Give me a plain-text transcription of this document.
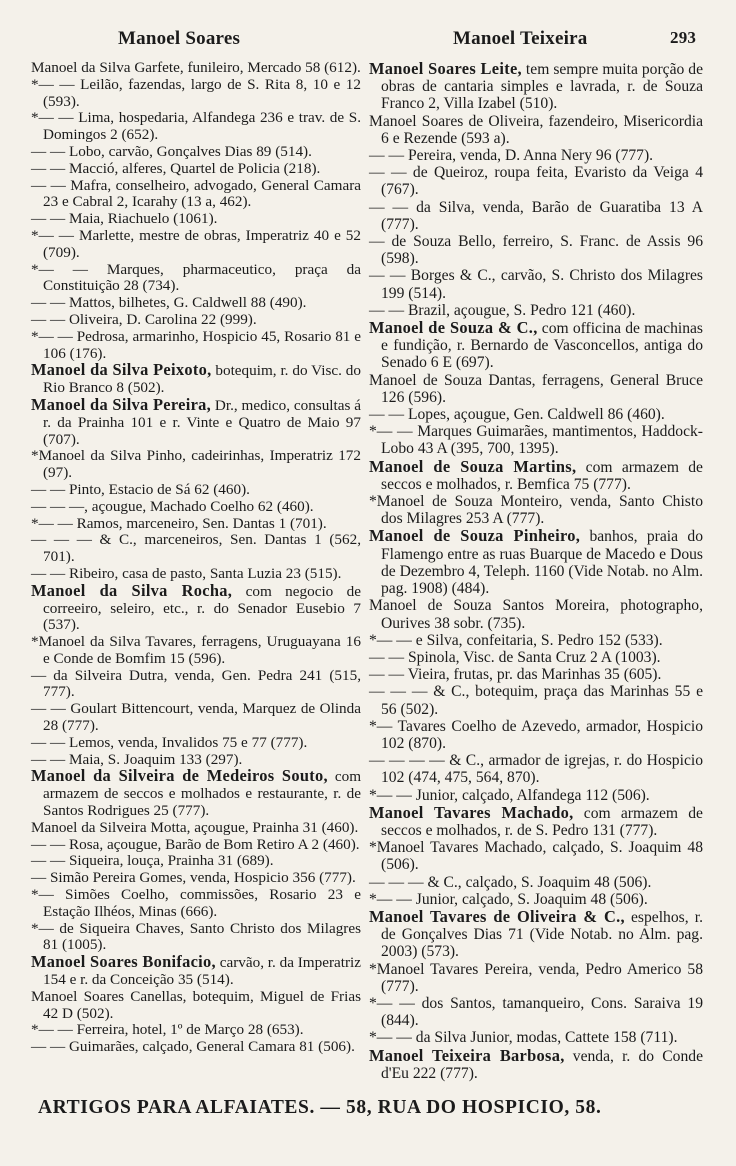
Manoel Soares	Manoel Teixeira	293

Manoel da Silva Garfete, funileiro, Mercado 58 (612).

*— — Leilão, fazendas, largo de S. Rita 8, 10 e 12 (593).

*— — Lima, hospedaria, Alfandega 236 e trav. de S. Domingos 2 (652).

— — Lobo, carvão, Gonçalves Dias 89 (514).

— — Macció, alferes, Quartel de Policia (218).

— — Mafra, conselheiro, advogado, General Camara 23 e Cabral 2, Icarahy (13 a, 462).

— — Maia, Riachuelo (1061).

*— — Marlette, mestre de obras, Imperatriz 40 e 52 (709).

*— — Marques, pharmaceutico, praça da Constituição 28 (734).

— — Mattos, bilhetes, G. Caldwell 88 (490).

— — Oliveira, D. Carolina 22 (999).

*— — Pedrosa, armarinho, Hospicio 45, Rosario 81 e 106 (176).

Manoel da Silva Peixoto, botequim, r. do Visc. do Rio Branco 8 (502).

Manoel da Silva Pereira, Dr., medico, consultas á r. da Prainha 101 e r. Vinte e Quatro de Maio 97 (707).

*Manoel da Silva Pinho, cadeirinhas, Imperatriz 172 (97).

— — Pinto, Estacio de Sá 62 (460).

— — —, açougue, Machado Coelho 62 (460).

*— — Ramos, marceneiro, Sen. Dantas 1 (701).

— — — & C., marceneiros, Sen. Dantas 1 (562, 701).

— — Ribeiro, casa de pasto, Santa Luzia 23 (515).

Manoel da Silva Rocha, com negocio de correeiro, seleiro, etc., r. do Senador Eusebio 7 (537).

*Manoel da Silva Tavares, ferragens, Uruguayana 16 e Conde de Bomfim 15 (596).

— da Silveira Dutra, venda, Gen. Pedra 241 (515, 777).

— — Goulart Bittencourt, venda, Marquez de Olinda 28 (777).

— — Lemos, venda, Invalidos 75 e 77 (777).

— — Maia, S. Joaquim 133 (297).

Manoel da Silveira de Medeiros Souto, com armazem de seccos e molhados e restaurante, r. de Santos Rodrigues 25 (777).

Manoel da Silveira Motta, açougue, Prainha 31 (460).

— — Rosa, açougue, Barão de Bom Retiro A 2 (460).

— — Siqueira, louça, Prainha 31 (689).

— Simão Pereira Gomes, venda, Hospicio 356 (777).

*— Simões Coelho, commissões, Rosario 23 e Estação Ilhéos, Minas (666).

*— de Siqueira Chaves, Santo Christo dos Milagres 81 (1005).

Manoel Soares Bonifacio, carvão, r. da Imperatriz 154 e r. da Conceição 35 (514).

Manoel Soares Canellas, botequim, Miguel de Frias 42 D (502).

*— — Ferreira, hotel, 1º de Março 28 (653).

— — Guimarães, calçado, General Camara 81 (506).

Manoel Soares Leite, tem sempre muita porção de obras de cantaria simples e lavrada, r. de Souza Franco 2, Villa Izabel (510).

Manoel Soares de Oliveira, fazendeiro, Misericordia 6 e Rezende (593 a).

— — Pereira, venda, D. Anna Nery 96 (777).

— — de Queiroz, roupa feita, Evaristo da Veiga 4 (767).

— — da Silva, venda, Barão de Guaratiba 13 A (777).

— de Souza Bello, ferreiro, S. Franc. de Assis 96 (598).

— — Borges & C., carvão, S. Christo dos Milagres 199 (514).

— — Brazil, açougue, S. Pedro 121 (460).

Manoel de Souza & C., com officina de machinas e fundição, r. Bernardo de Vasconcellos, antiga do Senado 6 E (697).

Manoel de Souza Dantas, ferragens, General Bruce 126 (596).

— — Lopes, açougue, Gen. Caldwell 86 (460).

*— — Marques Guimarães, mantimentos, Haddock-Lobo 43 A (395, 700, 1395).

Manoel de Souza Martins, com armazem de seccos e molhados, r. Bemfica 75 (777).

*Manoel de Souza Monteiro, venda, Santo Chisto dos Milagres 253 A (777).

Manoel de Souza Pinheiro, banhos, praia do Flamengo entre as ruas Buarque de Macedo e Dous de Dezembro 4, Teleph. 1160 (Vide Notab. no Alm. pag. 1908) (484).

Manoel de Souza Santos Moreira, photographo, Ourives 38 sobr. (735).

*— — e Silva, confeitaria, S. Pedro 152 (533).

— — Spinola, Visc. de Santa Cruz 2 A (1003).

— — Vieira, frutas, pr. das Marinhas 35 (605).

— — — & C., botequim, praça das Marinhas 55 e 56 (502).

*— Tavares Coelho de Azevedo, armador, Hospicio 102 (870).

— — — — & C., armador de igrejas, r. do Hospicio 102 (474, 475, 564, 870).

*— — Junior, calçado, Alfandega 112 (506).

Manoel Tavares Machado, com armazem de seccos e molhados, r. de S. Pedro 131 (777).

*Manoel Tavares Machado, calçado, S. Joaquim 48 (506).

— — — & C., calçado, S. Joaquim 48 (506).

*— — Junior, calçado, S. Joaquim 48 (506).

Manoel Tavares de Oliveira & C., espelhos, r. de Gonçalves Dias 71 (Vide Notab. no Alm. pag. 2003) (573).

*Manoel Tavares Pereira, venda, Pedro Americo 58 (777).

*— — dos Santos, tamanqueiro, Cons. Saraiva 19 (844).

*— — da Silva Junior, modas, Cattete 158 (711).

Manoel Teixeira Barbosa, venda, r. do Conde d'Eu 222 (777).

ARTIGOS PARA ALFAIATES. — 58, RUA DO HOSPICIO, 58.
